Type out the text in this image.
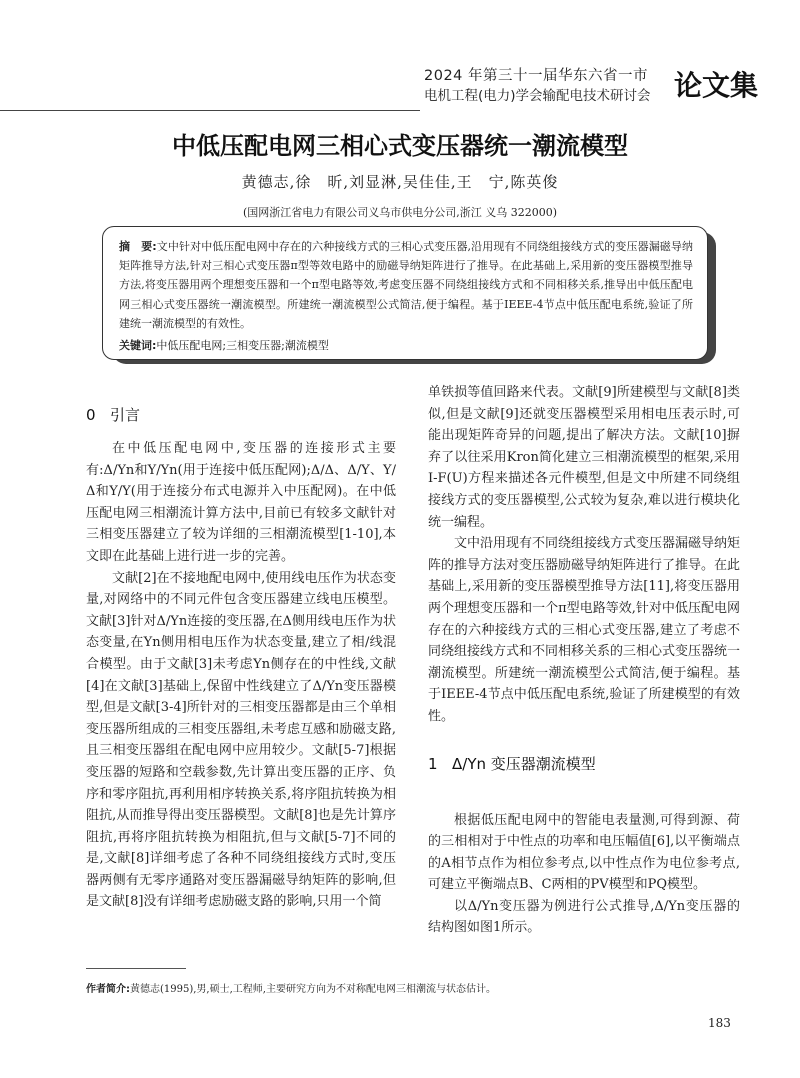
2024 年第三十一届华东六省一市
电机工程(电力)学会输配电技术研讨会 论文集
中低压配电网三相心式变压器统一潮流模型
黄德志,徐　昕,刘显淋,吴佳佳,王　宁,陈英俊
(国网浙江省电力有限公司义乌市供电分公司,浙江 义乌 322000)
摘　要:文中针对中低压配电网中存在的六种接线方式的三相心式变压器,沿用现有不同绕组接线方式的变压器漏磁导纳矩阵推导方法,针对三相心式变压器π型等效电路中的励磁导纳矩阵进行了推导。在此基础上,采用新的变压器模型推导方法,将变压器用两个理想变压器和一个π型电路等效,考虑变压器不同绕组接线方式和不同相移关系,推导出中低压配电网三相心式变压器统一潮流模型。所建统一潮流模型公式简洁,便于编程。基于IEEE-4节点中低压配电系统,验证了所建统一潮流模型的有效性。
关键词:中低压配电网;三相变压器;潮流模型
0 引言

在中低压配电网中,变压器的连接形式主要有:Δ/Yn和Y/Yn(用于连接中低压配网);Δ/Δ、Δ/Y、Y/Δ和Y/Y(用于连接分布式电源并入中压配网)。在中低压配电网三相潮流计算方法中,目前已有较多文献针对三相变压器建立了较为详细的三相潮流模型[1-10],本文即在此基础上进行进一步的完善。

文献[2]在不接地配电网中,使用线电压作为状态变量,对网络中的不同元件包含变压器建立线电压模型。文献[3]针对Δ/Yn连接的变压器,在Δ侧用线电压作为状态变量,在Yn侧用相电压作为状态变量,建立了相/线混合模型。由于文献[3]未考虑Yn侧存在的中性线,文献[4]在文献[3]基础上,保留中性线建立了Δ/Yn变压器模型,但是文献[3-4]所针对的三相变压器都是由三个单相变压器所组成的三相变压器组,未考虑互感和励磁支路,且三相变压器组在配电网中应用较少。文献[5-7]根据变压器的短路和空载参数,先计算出变压器的正序、负序和零序阻抗,再利用相序转换关系,将序阻抗转换为相阻抗,从而推导得出变压器模型。文献[8]也是先计算序阻抗,再将序阻抗转换为相阻抗,但与文献[5-7]不同的是,文献[8]详细考虑了各种不同绕组接线方式时,变压器两侧有无零序通路对变压器漏磁导纳矩阵的影响,但是文献[8]没有详细考虑励磁支路的影响,只用一个简

单铁损等值回路来代表。文献[9]所建模型与文献[8]类似,但是文献[9]还就变压器模型采用相电压表示时,可能出现矩阵奇异的问题,提出了解决方法。文献[10]摒弃了以往采用Kron简化建立三相潮流模型的框架,采用I-F(U)方程来描述各元件模型,但是文中所建不同绕组接线方式的变压器模型,公式较为复杂,难以进行模块化统一编程。

文中沿用现有不同绕组接线方式变压器漏磁导纳矩阵的推导方法对变压器励磁导纳矩阵进行了推导。在此基础上,采用新的变压器模型推导方法[11],将变压器用两个理想变压器和一个π型电路等效,针对中低压配电网存在的六种接线方式的三相心式变压器,建立了考虑不同绕组接线方式和不同相移关系的三相心式变压器统一潮流模型。所建统一潮流模型公式简洁,便于编程。基于IEEE-4节点中低压配电系统,验证了所建模型的有效性。

根据低压配电网中的智能电表量测,可得到源、荷的三相相对于中性点的功率和电压幅值[6],以平衡端点的A相节点作为相位参考点,以中性点作为电位参考点,可建立平衡端点B、C两相的PV模型和PQ模型。

以Δ/Yn变压器为例进行公式推导,Δ/Yn变压器的结构图如图1所示。

1 Δ/Yn 变压器潮流模型
作者简介:黄德志(1995),男,硕士,工程师,主要研究方向为不对称配电网三相潮流与状态估计。
183
